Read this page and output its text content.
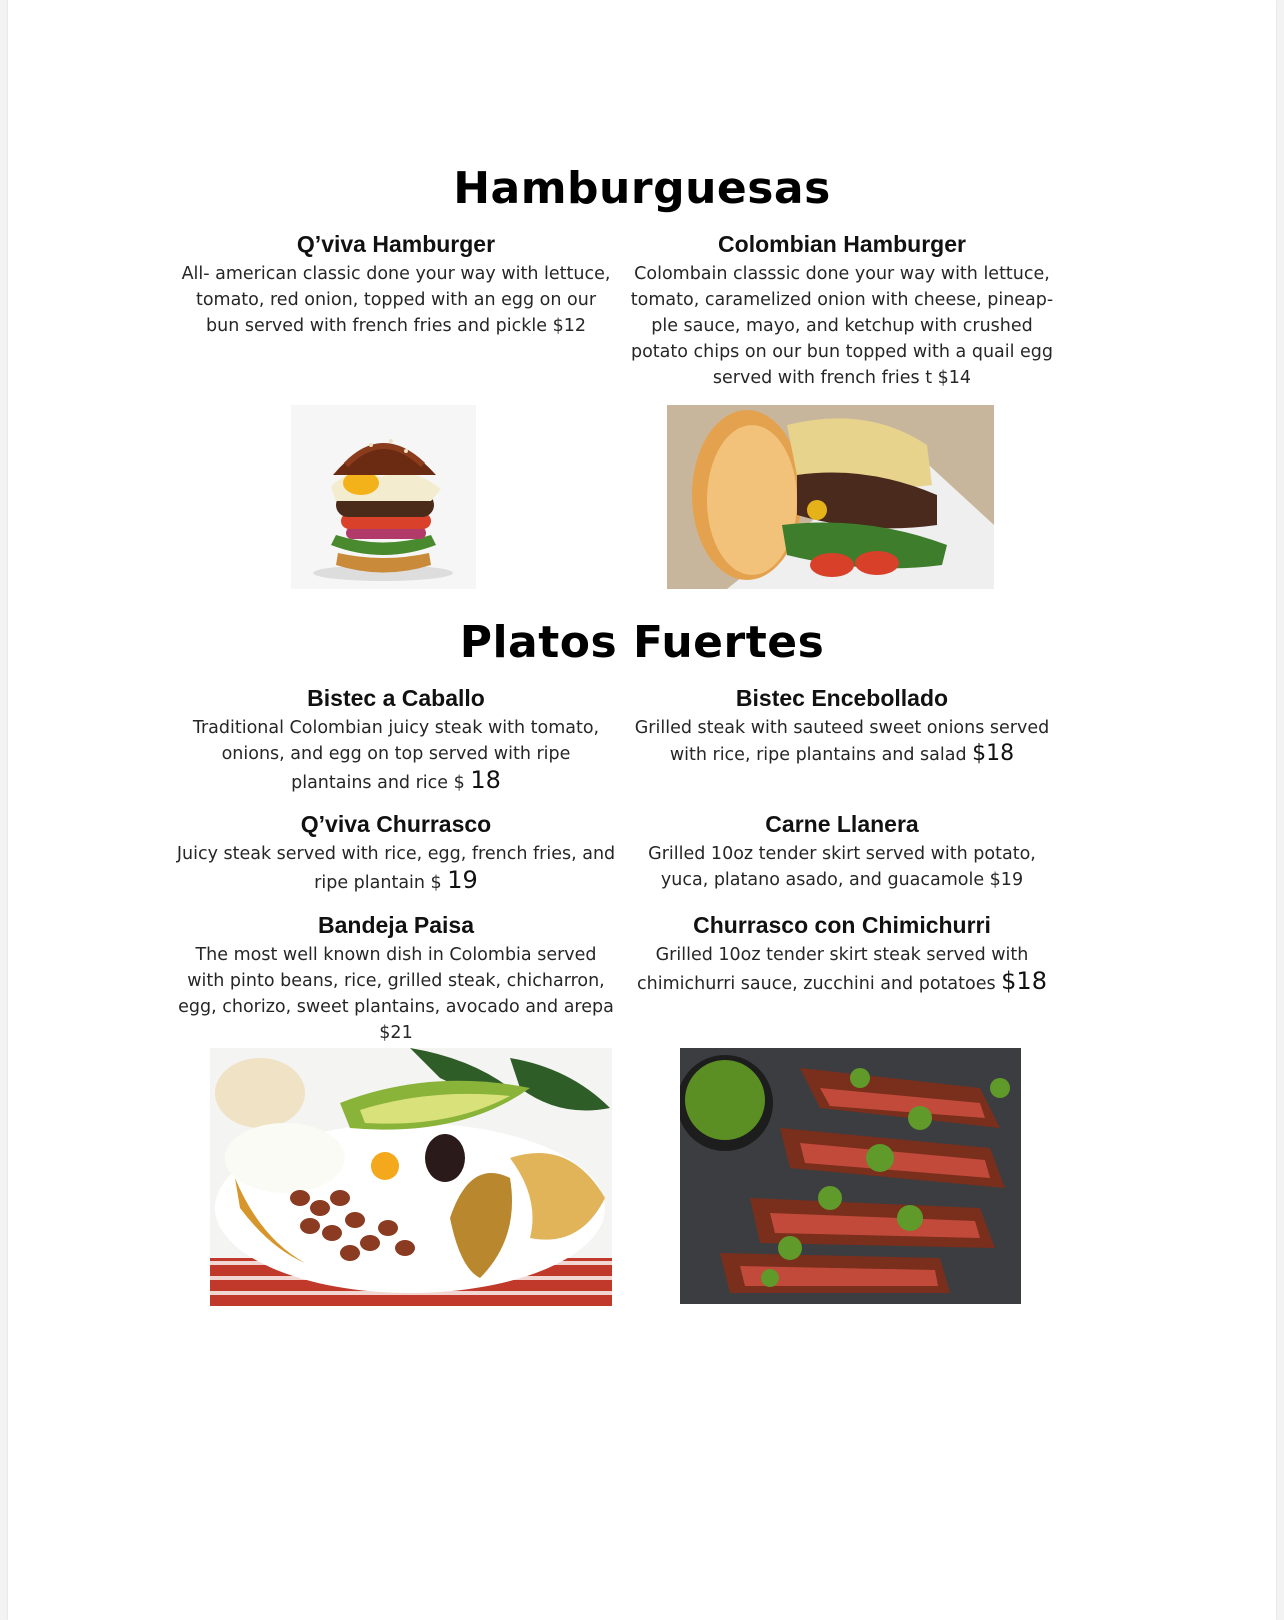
Hamburguesas
Q’viva Hamburger
All- american classic done your way with lettuce,
tomato, red onion, topped with an egg on our
bun served with french fries and pickle $12
Colombian Hamburger
Colombain classsic done your way with lettuce,
tomato, caramelized onion with cheese, pineap-
ple sauce, mayo, and ketchup with crushed
potato chips on our bun topped with a quail egg
served with french fries t $14
Platos Fuertes
Bistec a Caballo
Traditional Colombian juicy steak with tomato,
onions, and egg on top served with ripe
plantains and rice $ 18
Bistec Encebollado
Grilled steak with sauteed sweet onions served
with rice, ripe plantains and salad $18
Q’viva Churrasco
Juicy steak served with rice, egg, french fries, and
ripe plantain $ 19
Carne Llanera
Grilled 10oz tender skirt served with potato,
yuca, platano asado, and guacamole $19
Bandeja Paisa
The most well known dish in Colombia served
with pinto beans, rice, grilled steak, chicharron,
egg, chorizo, sweet plantains, avocado and arepa
$21
Churrasco con Chimichurri
Grilled 10oz tender skirt steak served with
chimichurri sauce, zucchini and potatoes $18
